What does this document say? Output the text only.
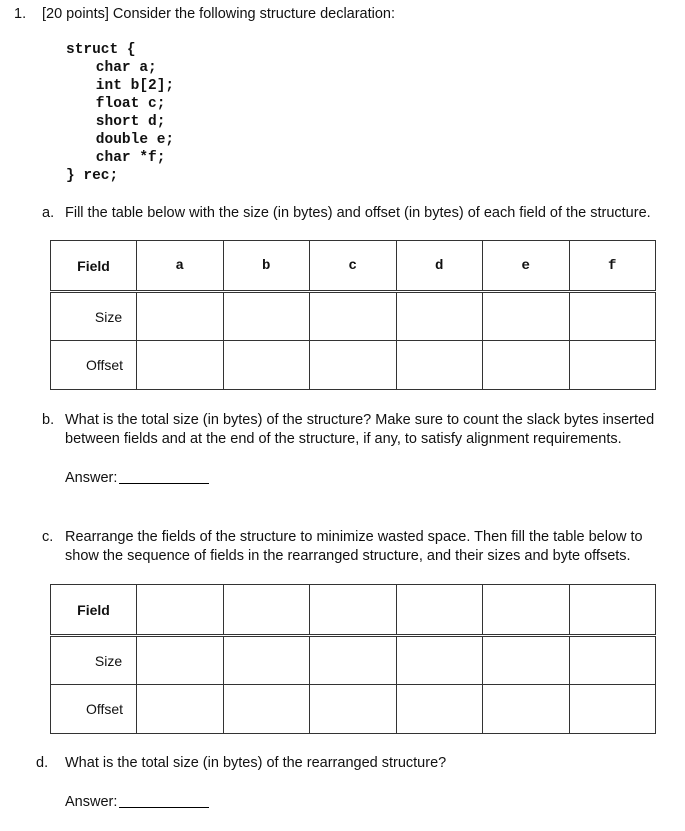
1. [20 points] Consider the following structure declaration:
struct {
char a;
int b[2];
float c;
short d;
double e;
char *f;
} rec;
a. Fill the table below with the size (in bytes) and offset (in bytes) of each field of the structure.
Field	a	b	c	d	e	f
Size						
Offset						
b. What is the total size (in bytes) of the structure? Make sure to count the slack bytes inserted
between fields and at the end of the structure, if any, to satisfy alignment requirements.
Answer:
c. Rearrange the fields of the structure to minimize wasted space. Then fill the table below to
show the sequence of fields in the rearranged structure, and their sizes and byte offsets.
Field						
Size						
Offset						
d. What is the total size (in bytes) of the rearranged structure?
Answer:
